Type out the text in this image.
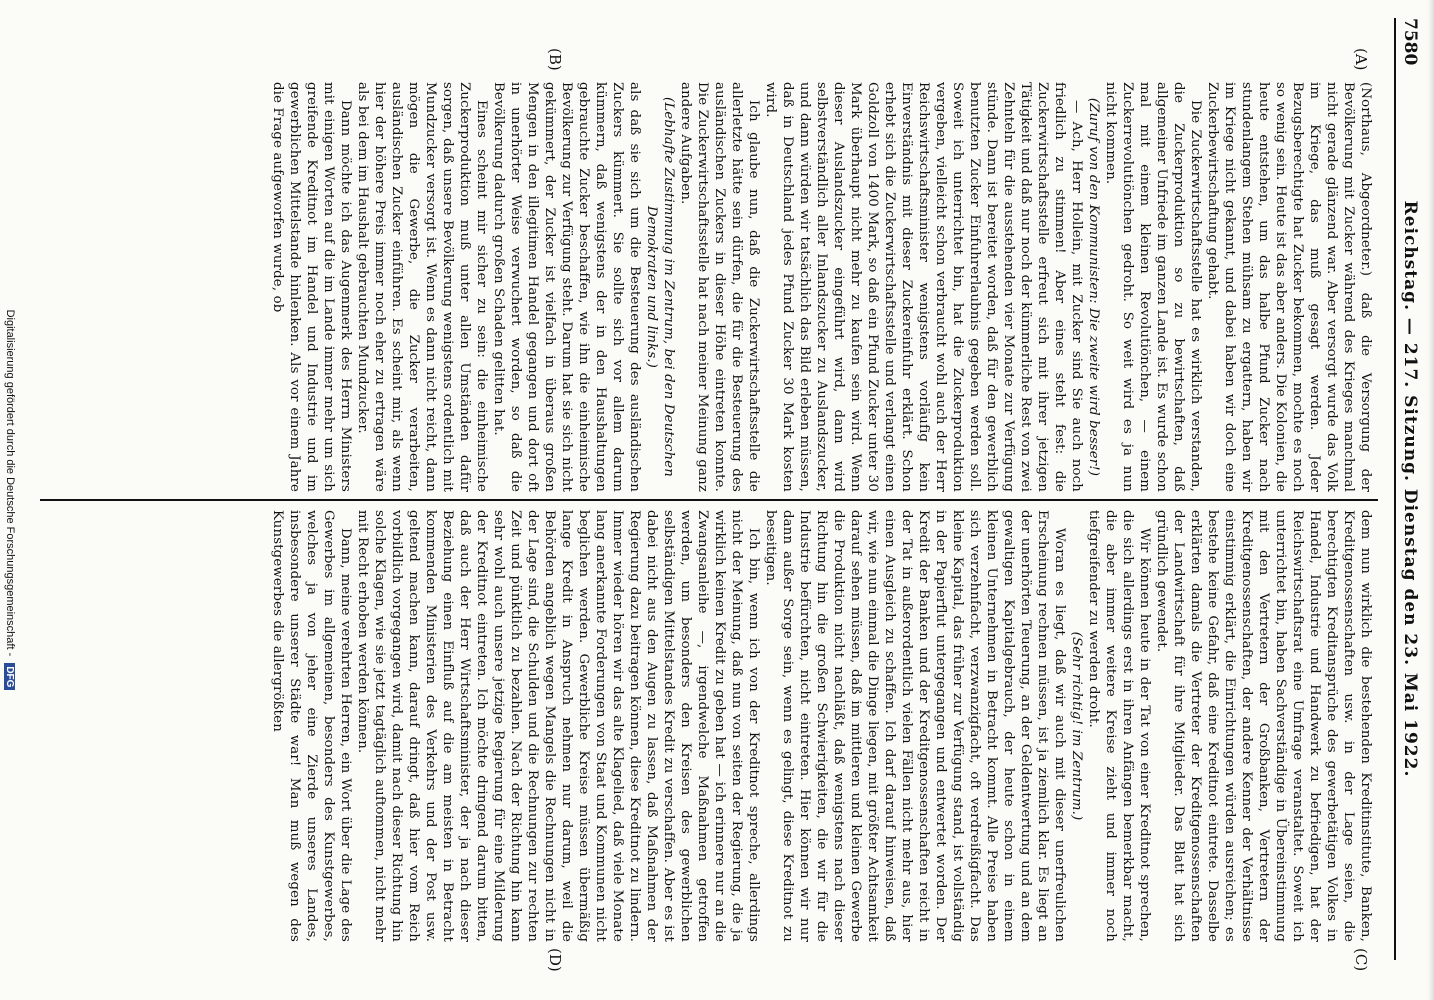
7580
Reichstag. — 217. Sitzung. Dienstag den 23. Mai 1922.
(A)
(B)
(C)
(D)

(Northaus, Abgeordneter.) daß die Versorgung der Bevölkerung mit Zucker während des Krieges manchmal nicht gerade glänzend war. Aber versorgt wurde das Volk im Kriege, das muß gesagt werden. Jeder Bezugsberechtigte hat Zucker bekommen, mochte es noch so wenig sein. Heute ist das aber anders. Die Kolonien, die heute entstehen, um das halbe Pfund Zucker nach stundenlangem Stehen mühsam zu ergattern, haben wir im Kriege nicht gekannt, und dabei haben wir doch eine Zuckerbewirtschaftung gehabt.

Die Zuckerwirtschaftsstelle hat es wirklich verstanden, die Zuckerproduktion so zu bewirtschaften, daß allgemeiner Unfriede im ganzen Lande ist. Es wurde schon mal mit einem kleinen Revolutiönchen, — einem Zuckerrevolutiönchen gedroht. So weit wird es ja nun nicht kommen.

(Zuruf von den Kommunisten: Die zweite wird besser!)

— Ach, Herr Hollein, mit Zucker sind Sie auch noch friedlich zu stimmen! Aber eines steht fest: die Zuckerwirtschaftsstelle erfreut sich mit ihrer jetzigen Tätigkeit und daß nur noch der kümmerliche Rest von zwei Zehnteln für die ausstehenden vier Monate zur Verfügung stünde. Dann ist bereitet worden, daß für den gewerblich benutzten Zucker Einfuhrerlaubnis gegeben werden soll. Soweit ich unterrichtet bin, hat die Zuckerproduktion vergeben, vielleicht schon verbraucht wohl auch der Herr Reichswirtschaftsminister wenigstens vorläufig kein Einverständnis mit dieser Zuckereinfuhr erklärt. Schon erhebt sich die Zuckerwirtschaftsstelle und verlangt einen Goldzoll von 1400 Mark, so daß ein Pfund Zucker unter 30 Mark überhaupt nicht mehr zu kaufen sein wird. Wenn dieser Auslandszucker eingeführt wird, dann wird selbstverständlich aller Inlandszucker zu Auslandszucker, und dann würden wir tatsächlich das Bild erleben müssen, daß in Deutschland jedes Pfund Zucker 30 Mark kosten wird.

Ich glaube nun, daß die Zuckerwirtschaftsstelle die allerletzte hätte sein dürfen, die für die Besteuerung des ausländischen Zuckers in dieser Höhe eintreten konnte. Die Zuckerwirtschaftsstelle hat nach meiner Meinung ganz andere Aufgaben.

(Lebhafte Zustimmung im Zentrum, bei den Deutschen Demokraten und links.)

als daß sie sich um die Besteuerung des ausländischen Zuckers kümmert. Sie sollte sich vor allem darum kümmern, daß wenigstens der in den Haushaltungen gebrauchte Zucker beschaffen, wie ihn die einheimische Bevölkerung zur Verfügung steht. Darum hat sie sich nicht gekümmert, der Zucker ist vielfach in überaus großen Mengen in den illegitimen Handel gegangen und dort oft in unerhörter Weise verwuchert worden, so daß die Bevölkerung dadurch großen Schaden gelitten hat.

Eines scheint mir sicher zu sein: die einheimische Zuckerproduktion muß unter allen Umständen dafür sorgen, daß unsere Bevölkerung wenigstens ordentlich mit Mundzucker versorgt ist. Wenn es dann nicht reicht, dann mögen die Gewerbe, die Zucker verarbeiten, ausländischen Zucker einführen. Es scheint mir, als wenn hier der höhere Preis immer noch eher zu ertragen wäre als bei dem im Haushalt gebrauchten Mundzucker.

Dann möchte ich das Augenmerk des Herrn Ministers mit einigen Worten auf die im Lande immer mehr um sich greifende Kreditnot im Handel und Industrie und im gewerblichen Mittelstande hinlenken. Als vor einem Jahre die Frage aufgeworfen wurde, ob

dem nun wirklich die bestehenden Kreditinstitute, Banken, Kreditgenossenschaften usw. in der Lage seien, die berechtigten Kreditansprüche des gewerbetätigen Volkes in Handel, Industrie und Handwerk zu befriedigen, hat der Reichswirtschaftsrat eine Umfrage veranstaltet. Soweit ich unterrichtet bin, haben Sachverständige in Übereinstimmung mit den Vertretern der Großbanken, Vertretern der Kreditgenossenschaften, der andere Kenner der Verhältnisse einstimmig erklärt, die Einrichtungen würden ausreichen; es bestehe keine Gefahr, daß eine Kreditnot eintrete. Dasselbe erklärten damals die Vertreter der Kreditgenossenschaften der Landwirtschaft für ihre Mitglieder. Das Blatt hat sich gründlich gewendet.

Wir können heute in der Tat von einer Kreditnot sprechen, die sich allerdings erst in ihren Anfängen bemerkbar macht, die aber immer weitere Kreise zieht und immer noch tiefgreifender zu werden droht.

(Sehr richtig! im Zentrum.)

Woran es liegt, daß wir auch mit dieser unerfreulichen Erscheinung rechnen müssen, ist ja ziemlich klar. Es liegt an der unerhörten Teuerung, an der Geldentwertung und an dem gewaltigen Kapitalgebrauch, der heute schon in einem kleinen Unternehmen in Betracht kommt. Alle Preise haben sich verzehnfacht, verzwanzigfacht, oft verdreißigfacht. Das kleine Kapital, das früher zur Verfügung stand, ist vollständig in der Papierflut untergegangen und entwertet worden. Der Kredit der Banken und der Kreditgenossenschaften reicht in der Tat in außerordentlich vielen Fällen nicht mehr aus, hier einen Ausgleich zu schaffen. Ich darf darauf hinweisen, daß wir, wie nun einmal die Dinge liegen, mit größter Achtsamkeit darauf sehen müssen, daß im mittleren und kleinen Gewerbe die Produktion nicht nachläßt, daß wenigstens nach dieser Richtung hin die großen Schwierigkeiten, die wir für die Industrie befürchten, nicht eintreten. Hier können wir nur dann außer Sorge sein, wenn es gelingt, diese Kreditnot zu beseitigen.

Ich bin, wenn ich von der Kreditnot spreche, allerdings nicht der Meinung, daß nun von seiten der Regierung, die ja wirklich keinen Kredit zu geben hat — ich erinnere nur an die Zwangsanleihe —, irgendwelche Maßnahmen getroffen werden, um besonders den Kreisen des gewerblichen selbständigen Mittelstandes Kredit zu verschaffen. Aber es ist dabei nicht aus den Augen zu lassen, daß Maßnahmen der Regierung dazu beitragen können, diese Kreditnot zu lindern. Immer wieder hören wir das alte Klagelied, daß viele Monate lang anerkannte Forderungen von Staat und Kommunen nicht beglichen werden. Gewerbliche Kreise müssen übermäßig lange Kredit in Anspruch nehmen nur darum, weil die Behörden angeblich wegen Mangels die Rechnungen nicht in der Lage sind, die Schulden und die Rechnungen zur rechten Zeit und pünktlich zu bezahlen. Nach der Richtung hin kann sehr wohl auch unsere jetzige Regierung für eine Milderung der Kreditnot eintreten. Ich möchte dringend darum bitten, daß auch der Herr Wirtschaftsminister, der ja nach dieser Beziehung einen Einfluß auf die am meisten in Betracht kommenden Ministerien des Verkehrs und der Post usw. geltend machen kann, darauf dringt, daß hier vom Reich vorbildlich vorgegangen wird, damit nach dieser Richtung hin solche Klagen, wie sie jetzt tagtäglich auftommen, nicht mehr mit Recht erhoben werden können.

Dann, meine verehrten Herren, ein Wort über die Lage des Gewerbes im allgemeinen, besonders des Kunstgewerbes, welches ja von jeher eine Zierde unseres Landes, insbesondere unserer Städte war! Man muß wegen des Kunstgewerbes die allergrößten

Digitalisierung gefördert durch die Deutsche Forschungsgemeinschaft - DFG
